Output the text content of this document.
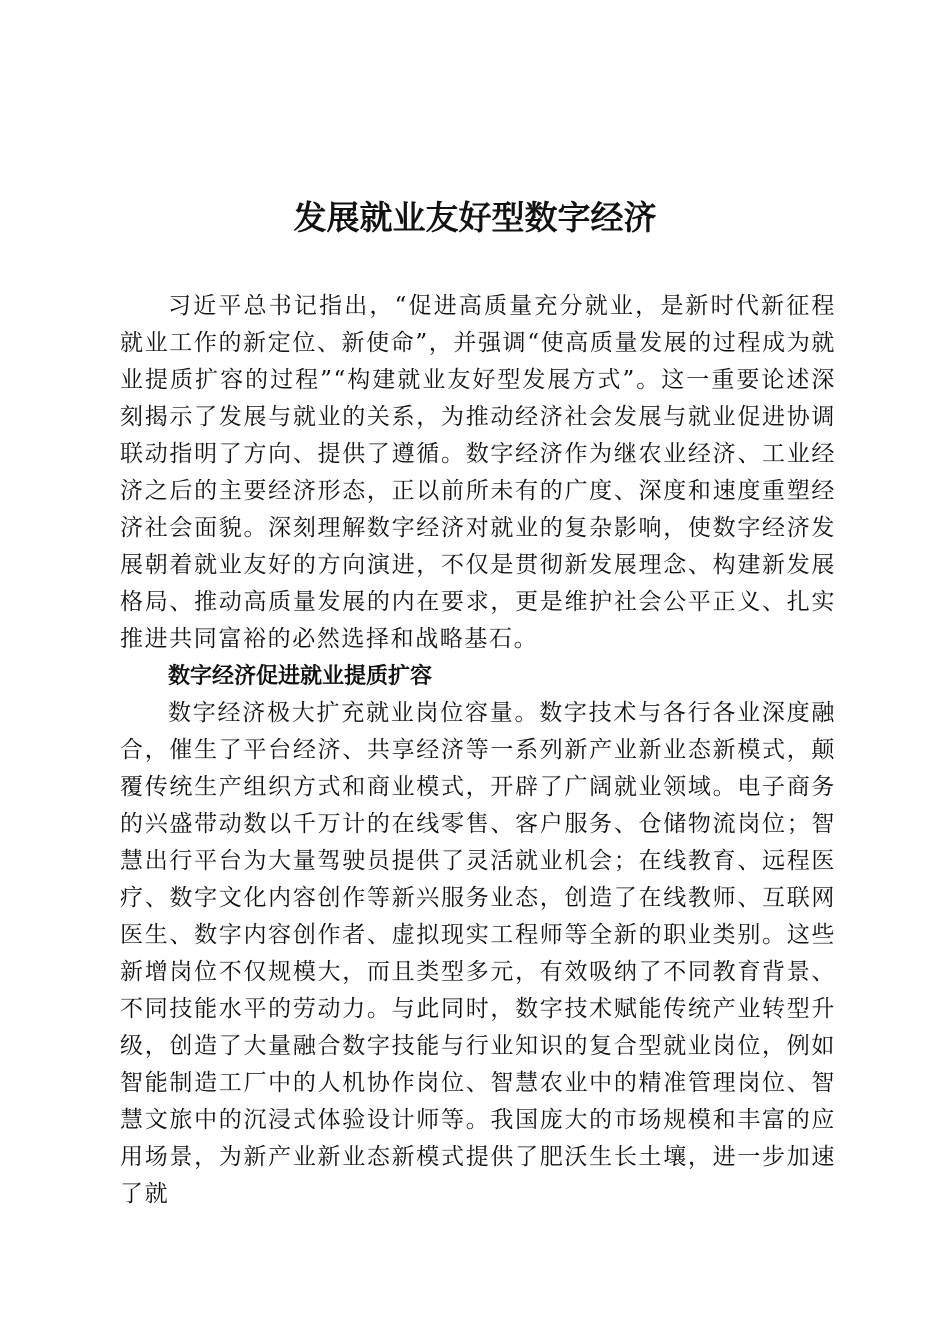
发展就业友好型数字经济

习近平总书记指出，“促进高质量充分就业，是新时代新征程就业工作的新定位、新使命”，并强调“使高质量发展的过程成为就业提质扩容的过程”“构建就业友好型发展方式”。这一重要论述深刻揭示了发展与就业的关系，为推动经济社会发展与就业促进协调联动指明了方向、提供了遵循。数字经济作为继农业经济、工业经济之后的主要经济形态，正以前所未有的广度、深度和速度重塑经济社会面貌。深刻理解数字经济对就业的复杂影响，使数字经济发展朝着就业友好的方向演进，不仅是贯彻新发展理念、构建新发展格局、推动高质量发展的内在要求，更是维护社会公平正义、扎实推进共同富裕的必然选择和战略基石。

数字经济促进就业提质扩容

数字经济极大扩充就业岗位容量。数字技术与各行各业深度融合，催生了平台经济、共享经济等一系列新产业新业态新模式，颠覆传统生产组织方式和商业模式，开辟了广阔就业领域。电子商务的兴盛带动数以千万计的在线零售、客户服务、仓储物流岗位；智慧出行平台为大量驾驶员提供了灵活就业机会；在线教育、远程医疗、数字文化内容创作等新兴服务业态，创造了在线教师、互联网医生、数字内容创作者、虚拟现实工程师等全新的职业类别。这些新增岗位不仅规模大，而且类型多元，有效吸纳了不同教育背景、不同技能水平的劳动力。与此同时，数字技术赋能传统产业转型升级，创造了大量融合数字技能与行业知识的复合型就业岗位，例如智能制造工厂中的人机协作岗位、智慧农业中的精准管理岗位、智慧文旅中的沉浸式体验设计师等。我国庞大的市场规模和丰富的应用场景，为新产业新业态新模式提供了肥沃生长土壤，进一步加速了就
